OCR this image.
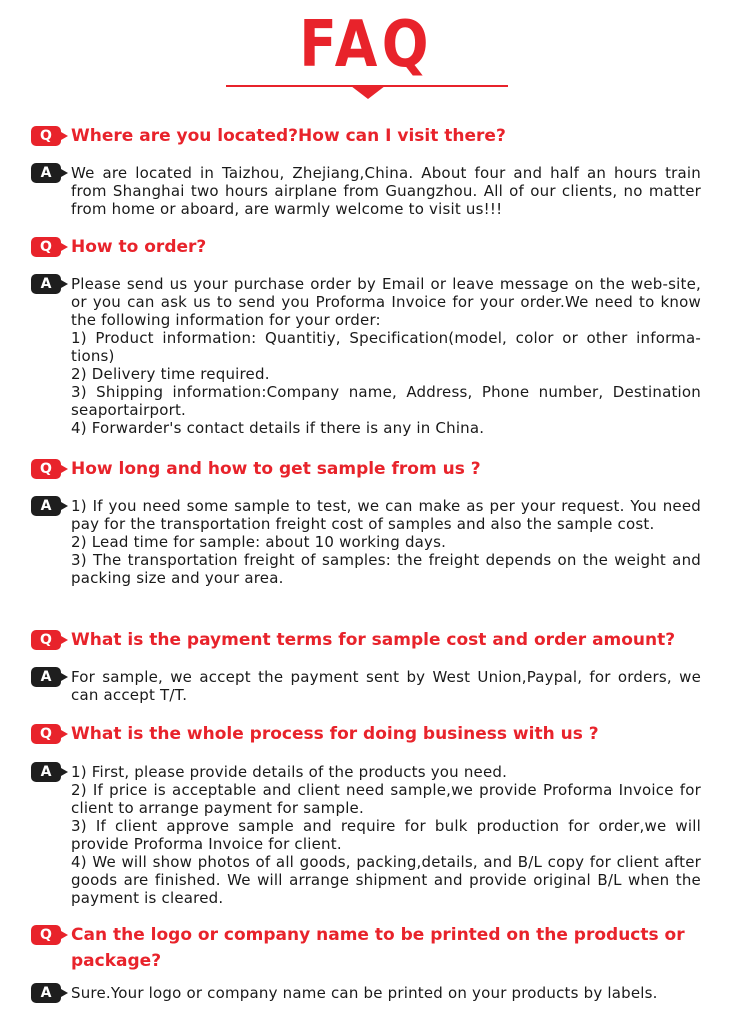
FAQ
Q	Where are you located?How can I visit there?

A	We are located in Taizhou, Zhejiang,China. About four and half an hours train from Shanghai two hours airplane from Guangzhou. All of our clients, no matter from home or aboard, are warmly welcome to visit us!!!

Q	How to order?

A	Please send us your purchase order by Email or leave message on the web-site, or you can ask us to send you Proforma Invoice for your order.We need to know the following information for your order:
1) Product information: Quantitiy, Specification(model, color or other informa-tions)
2) Delivery time required.
3) Shipping information:Company name, Address, Phone number, Destination seaportairport.
4) Forwarder's contact details if there is any in China.

Q	How long and how to get sample from us ?

A	1) If you need some sample to test, we can make as per your request. You need pay for the transportation freight cost of samples and also the sample cost.
2) Lead time for sample: about 10 working days.
3) The transportation freight of samples: the freight depends on the weight and packing size and your area.

Q	What is the payment terms for sample cost and order amount?

A	For sample, we accept the payment sent by West Union,Paypal, for orders, we can accept T/T.

Q	What is the whole process for doing business with us ?

A	1) First, please provide details of the products you need.
2) If price is acceptable and client need sample,we provide Proforma Invoice for client to arrange payment for sample.
3) If client approve sample and require for bulk production for order,we will provide Proforma Invoice for client.
4) We will show photos of all goods, packing,details, and B/L copy for client after goods are finished. We will arrange shipment and provide original B/L when the payment is cleared.

Q	Can the logo or company name to be printed on the products or package?

A	Sure.Your logo or company name can be printed on your products by labels.
